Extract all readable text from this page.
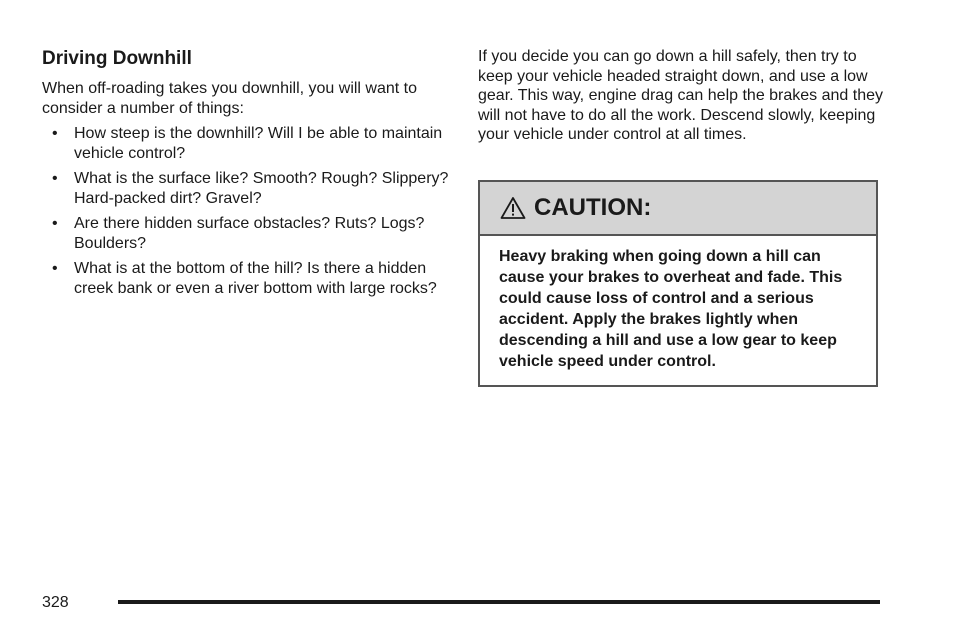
Driving Downhill

When off-roading takes you downhill, you will want to consider a number of things:

• How steep is the downhill? Will I be able to maintain vehicle control?
• What is the surface like? Smooth? Rough? Slippery? Hard-packed dirt? Gravel?
• Are there hidden surface obstacles? Ruts? Logs? Boulders?
• What is at the bottom of the hill? Is there a hidden creek bank or even a river bottom with large rocks?

If you decide you can go down a hill safely, then try to keep your vehicle headed straight down, and use a low gear. This way, engine drag can help the brakes and they will not have to do all the work. Descend slowly, keeping your vehicle under control at all times.

CAUTION:
Heavy braking when going down a hill can cause your brakes to overheat and fade. This could cause loss of control and a serious accident. Apply the brakes lightly when descending a hill and use a low gear to keep vehicle speed under control.
328
